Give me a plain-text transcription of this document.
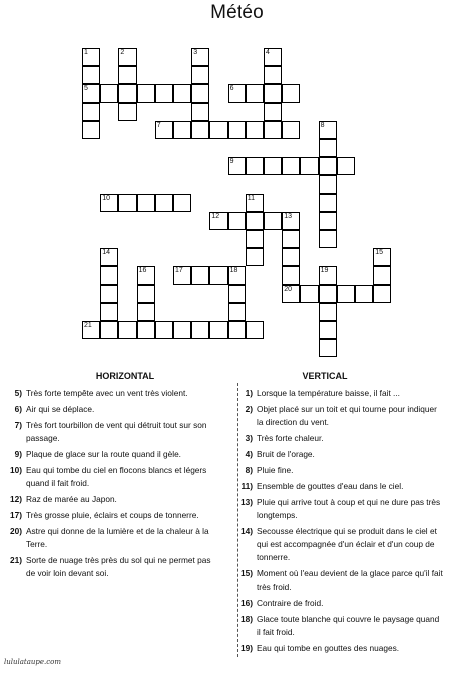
Météo
1
5
2	3	4
6
7	8
9
10	11
12	13
20
14	15
16	17	18	19
21
HORIZONTAL	VERTICAL
5) Très forte tempête avec un vent très violent.
6) Air qui se déplace.
7) Très fort tourbillon de vent qui détruit tout sur son
passage.
9) Plaque de glace sur la route quand il gèle.
10) Eau qui tombe du ciel en flocons blancs et légers
quand il fait froid.
12) Raz de marée au Japon.
17) Très grosse pluie, éclairs et coups de tonnerre.
20) Astre qui donne de la lumière et de la chaleur à la
Terre.
21) Sorte de nuage très près du sol qui ne permet pas
de voir loin devant soi.
1) Lorsque la température baisse, il fait ...
2) Objet placé sur un toit et qui tourne pour indiquer
la direction du vent.
3) Très forte chaleur.
4) Bruit de l'orage.
8) Pluie fine.
11) Ensemble de gouttes d'eau dans le ciel.
13) Pluie qui arrive tout à coup et qui ne dure pas très
longtemps.
14) Secousse électrique qui se produit dans le ciel et
qui est accompagnée d'un éclair et d'un coup de
tonnerre.
15) Moment où l'eau devient de la glace parce qu'il fait
très froid.
16) Contraire de froid.
18) Glace toute blanche qui couvre le paysage quand
il fait froid.
19) Eau qui tombe en gouttes des nuages.
lululataupe.com
